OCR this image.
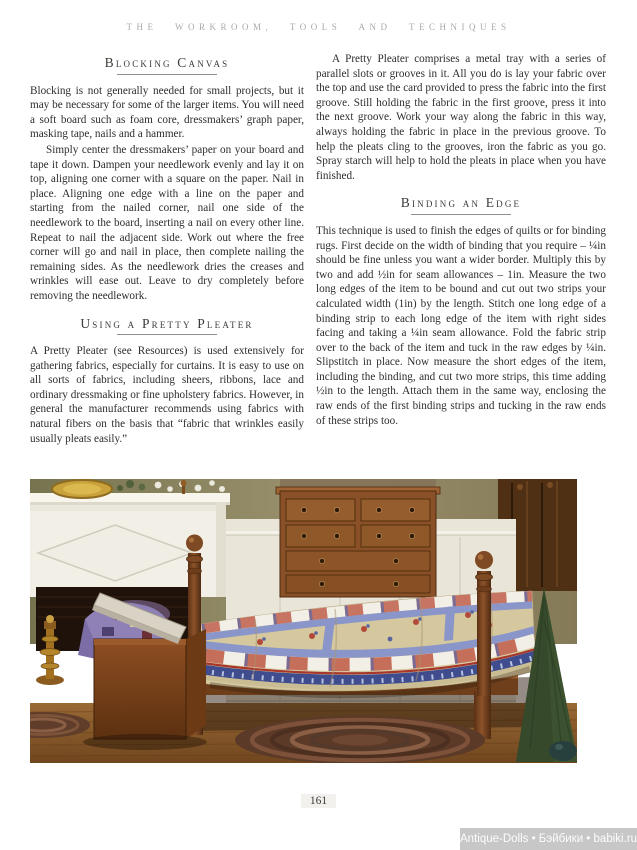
THE WORKROOM, TOOLS AND TECHNIQUES
Blocking Canvas

Blocking is not generally needed for small projects, but it may be necessary for some of the larger items. You will need a soft board such as foam core, dressmakers’ graph paper, masking tape, nails and a hammer.

Simply center the dressmakers’ paper on your board and tape it down. Dampen your needlework evenly and lay it on top, aligning one corner with a square on the paper. Nail in place. Aligning one edge with a line on the paper and starting from the nailed corner, nail one side of the needlework to the board, inserting a nail on every other line. Repeat to nail the adjacent side. Work out where the free corner will go and nail in place, then complete nailing the remaining sides. As the needlework dries the creases and wrinkles will ease out. Leave to dry completely before removing the needlework.

Using a Pretty Pleater

A Pretty Pleater (see Resources) is used extensively for gathering fabrics, especially for curtains. It is easy to use on all sorts of fabrics, including sheers, ribbons, lace and ordinary dressmaking or fine upholstery fabrics. However, in general the manufacturer recommends using fabrics with natural fibers on the basis that “fabric that wrinkles easily usually pleats easily.”

A Pretty Pleater comprises a metal tray with a series of parallel slots or grooves in it. All you do is lay your fabric over the top and use the card provided to press the fabric into the first groove. Still holding the fabric in the first groove, press it into the next groove. Work your way along the fabric in this way, always holding the fabric in place in the previous groove. To help the pleats cling to the grooves, iron the fabric as you go. Spray starch will help to hold the pleats in place when you have finished.

Binding an Edge

This technique is used to finish the edges of quilts or for binding rugs. First decide on the width of binding that you require – ¼in should be fine unless you want a wider border. Multiply this by two and add ½in for seam allowances – 1in. Measure the two long edges of the item to be bound and cut out two strips your calculated width (1in) by the length. Stitch one long edge of a binding strip to each long edge of the item with right sides facing and taking a ¼in seam allowance. Fold the fabric strip over to the back of the item and tuck in the raw edges by ¼in. Slipstitch in place. Now measure the short edges of the item, including the binding, and cut two more strips, this time adding ½in to the length. Attach them in the same way, enclosing the raw ends of the first binding strips and tucking in the raw ends of these strips too.

161
Antique-Dolls • Бэйбики • babiki.ru
